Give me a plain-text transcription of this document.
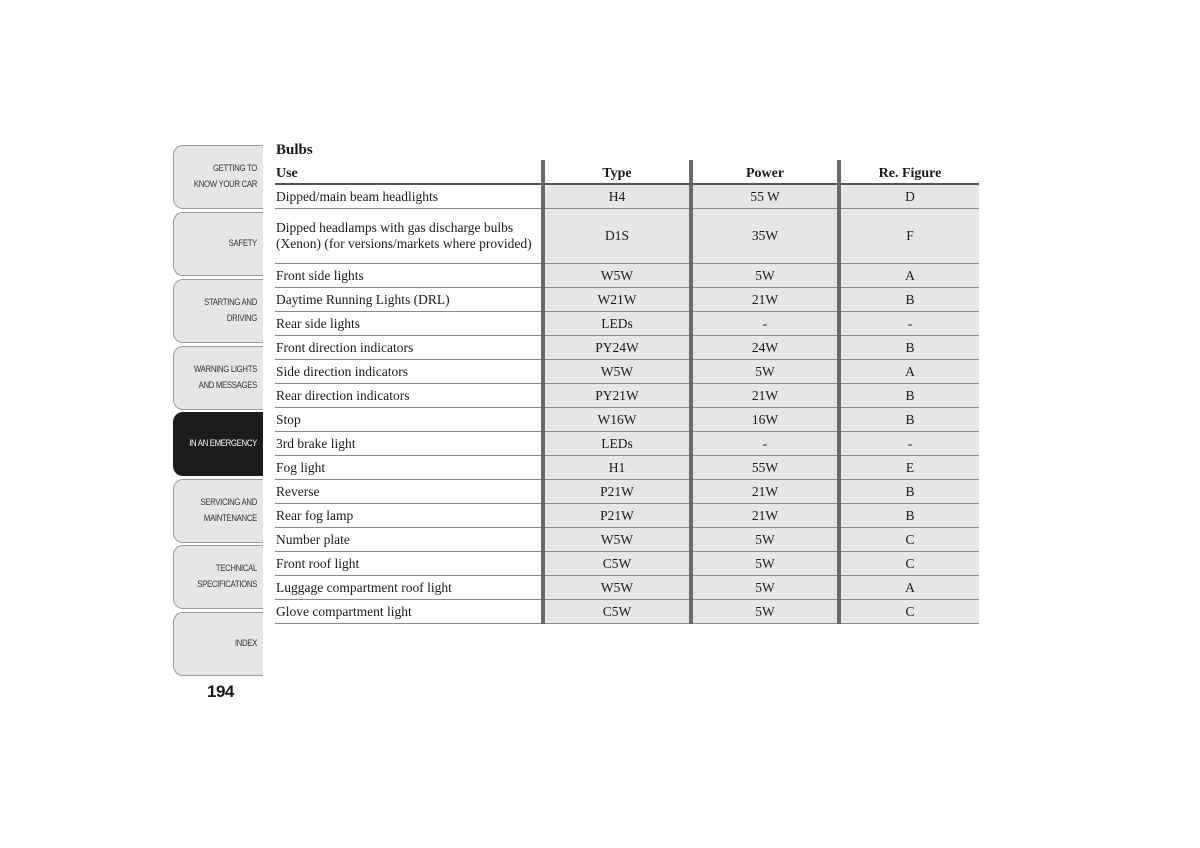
GETTING TO KNOW YOUR CAR
SAFETY
STARTING AND DRIVING
WARNING LIGHTS AND MESSAGES
IN AN EMERGENCY
SERVICING AND MAINTENANCE
TECHNICAL SPECIFICATIONS
INDEX
194
Bulbs
Use	Type	Power	Re. Figure
Dipped/main beam headlights	H4	55 W	D
Dipped headlamps with gas discharge bulbs (Xenon) (for versions/markets where provided)	D1S	35W	F
Front side lights	W5W	5W	A
Daytime Running Lights (DRL)	W21W	21W	B
Rear side lights	LEDs	-	-
Front direction indicators	PY24W	24W	B
Side direction indicators	W5W	5W	A
Rear direction indicators	PY21W	21W	B
Stop	W16W	16W	B
3rd brake light	LEDs	-	-
Fog light	H1	55W	E
Reverse	P21W	21W	B
Rear fog lamp	P21W	21W	B
Number plate	W5W	5W	C
Front roof light	C5W	5W	C
Luggage compartment roof light	W5W	5W	A
Glove compartment light	C5W	5W	C
